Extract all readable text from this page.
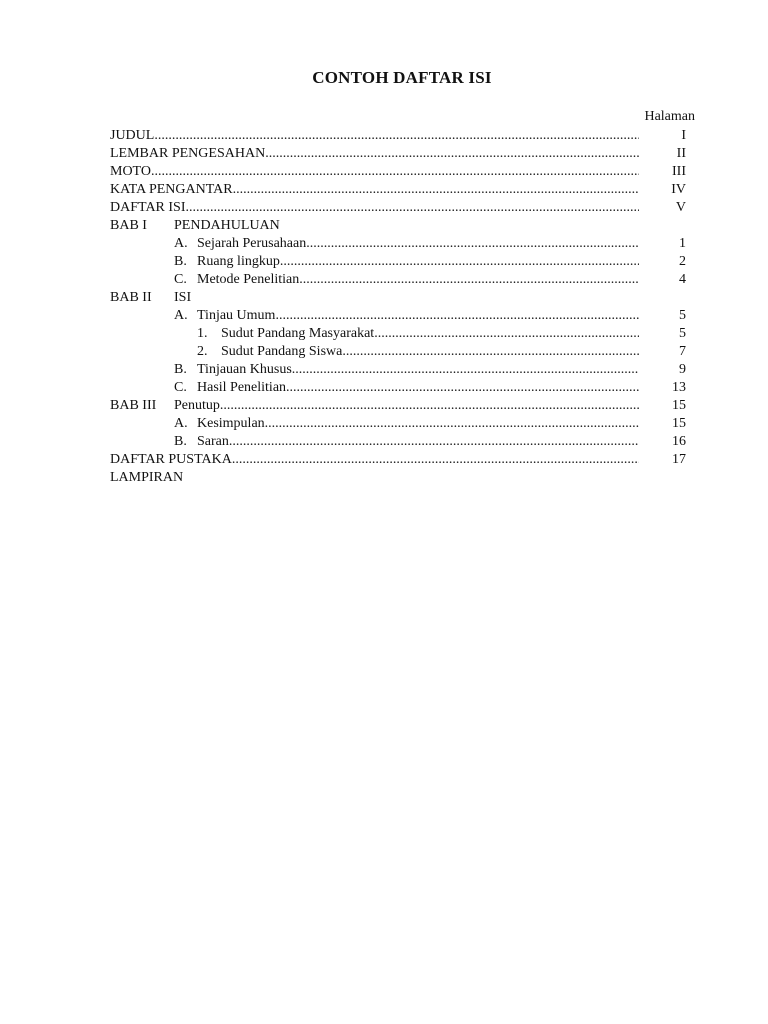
CONTOH DAFTAR ISI
Halaman
JUDUL .....	I
LEMBAR PENGESAHAN .....	II
MOTO .....	III
KATA PENGANTAR .....	IV
DAFTAR ISI .....	V
BAB I PENDAHULUAN
A. Sejarah Perusahaan .....	1
B. Ruang lingkup .....	2
C. Metode Penelitian .....	4
BAB II ISI
A. Tinjau Umum .....	5
1. Sudut Pandang Masyarakat .....	5
2. Sudut Pandang Siswa .....	7
B. Tinjauan Khusus .....	9
C. Hasil Penelitian .....	13
BAB III Penutup .....	15
A. Kesimpulan .....	15
B. Saran .....	16
DAFTAR PUSTAKA .....	17
LAMPIRAN
